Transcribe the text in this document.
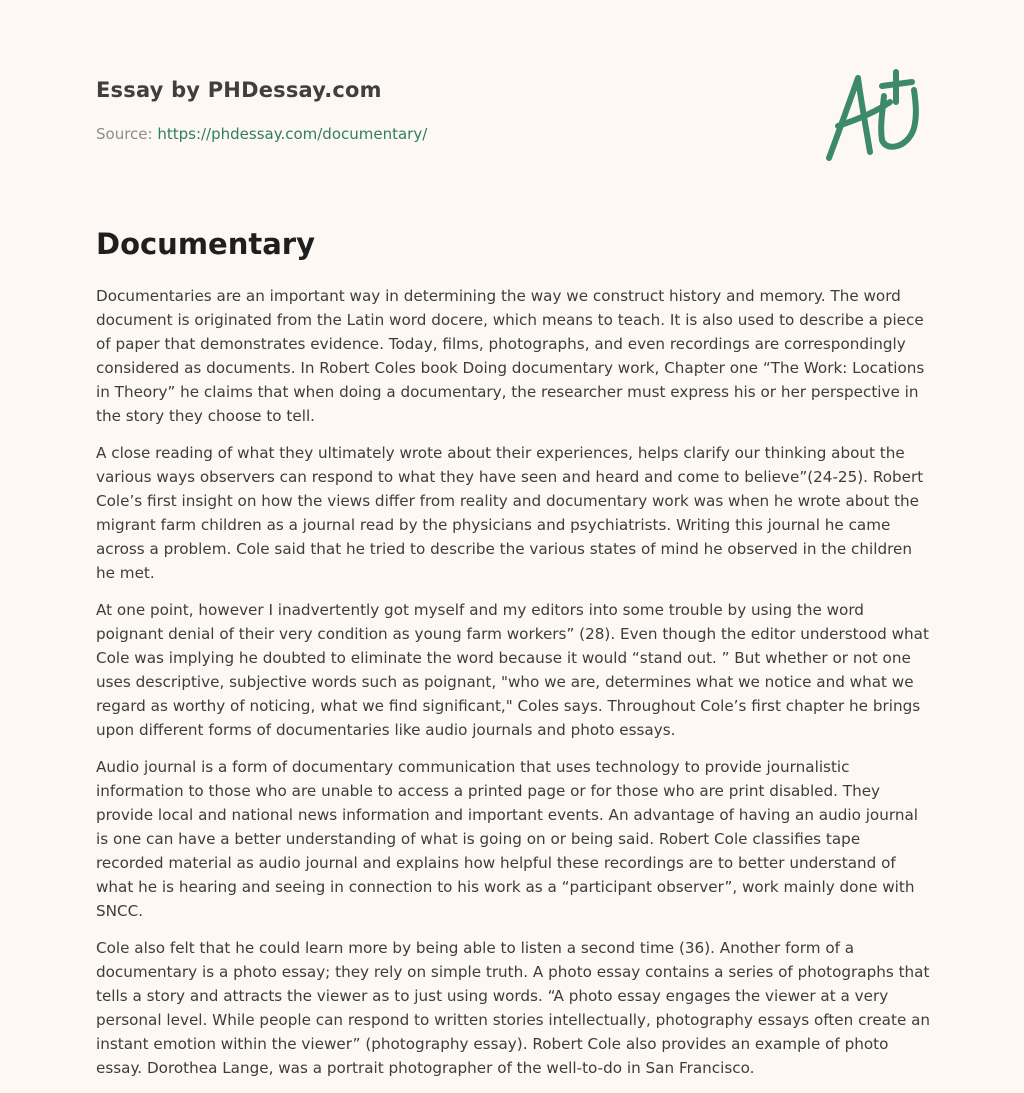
Essay by PHDessay.com
Source: https://phdessay.com/documentary/
Documentary

Documentaries are an important way in determining the way we construct history and memory. The word document is originated from the Latin word docere, which means to teach. It is also used to describe a piece of paper that demonstrates evidence. Today, films, photographs, and even recordings are correspondingly considered as documents. In Robert Coles book Doing documentary work, Chapter one “The Work: Locations in Theory” he claims that when doing a documentary, the researcher must express his or her perspective in the story they choose to tell.

A close reading of what they ultimately wrote about their experiences, helps clarify our thinking about the various ways observers can respond to what they have seen and heard and come to believe”(24-25). Robert Cole’s first insight on how the views differ from reality and documentary work was when he wrote about the migrant farm children as a journal read by the physicians and psychiatrists. Writing this journal he came across a problem. Cole said that he tried to describe the various states of mind he observed in the children he met.

At one point, however I inadvertently got myself and my editors into some trouble by using the word poignant denial of their very condition as young farm workers” (28). Even though the editor understood what Cole was implying he doubted to eliminate the word because it would “stand out. ” But whether or not one uses descriptive, subjective words such as poignant, "who we are, determines what we notice and what we regard as worthy of noticing, what we find significant," Coles says. Throughout Cole’s first chapter he brings upon different forms of documentaries like audio journals and photo essays.

Audio journal is a form of documentary communication that uses technology to provide journalistic information to those who are unable to access a printed page or for those who are print disabled. They provide local and national news information and important events. An advantage of having an audio journal is one can have a better understanding of what is going on or being said. Robert Cole classifies tape recorded material as audio journal and explains how helpful these recordings are to better understand of what he is hearing and seeing in connection to his work as a “participant observer”, work mainly done with SNCC.

Cole also felt that he could learn more by being able to listen a second time (36). Another form of a documentary is a photo essay; they rely on simple truth. A photo essay contains a series of photographs that tells a story and attracts the viewer as to just using words. “A photo essay engages the viewer at a very personal level. While people can respond to written stories intellectually, photography essays often create an instant emotion within the viewer” (photography essay). Robert Cole also provides an example of photo essay. Dorothea Lange, was a portrait photographer of the well-to-do in San Francisco.
